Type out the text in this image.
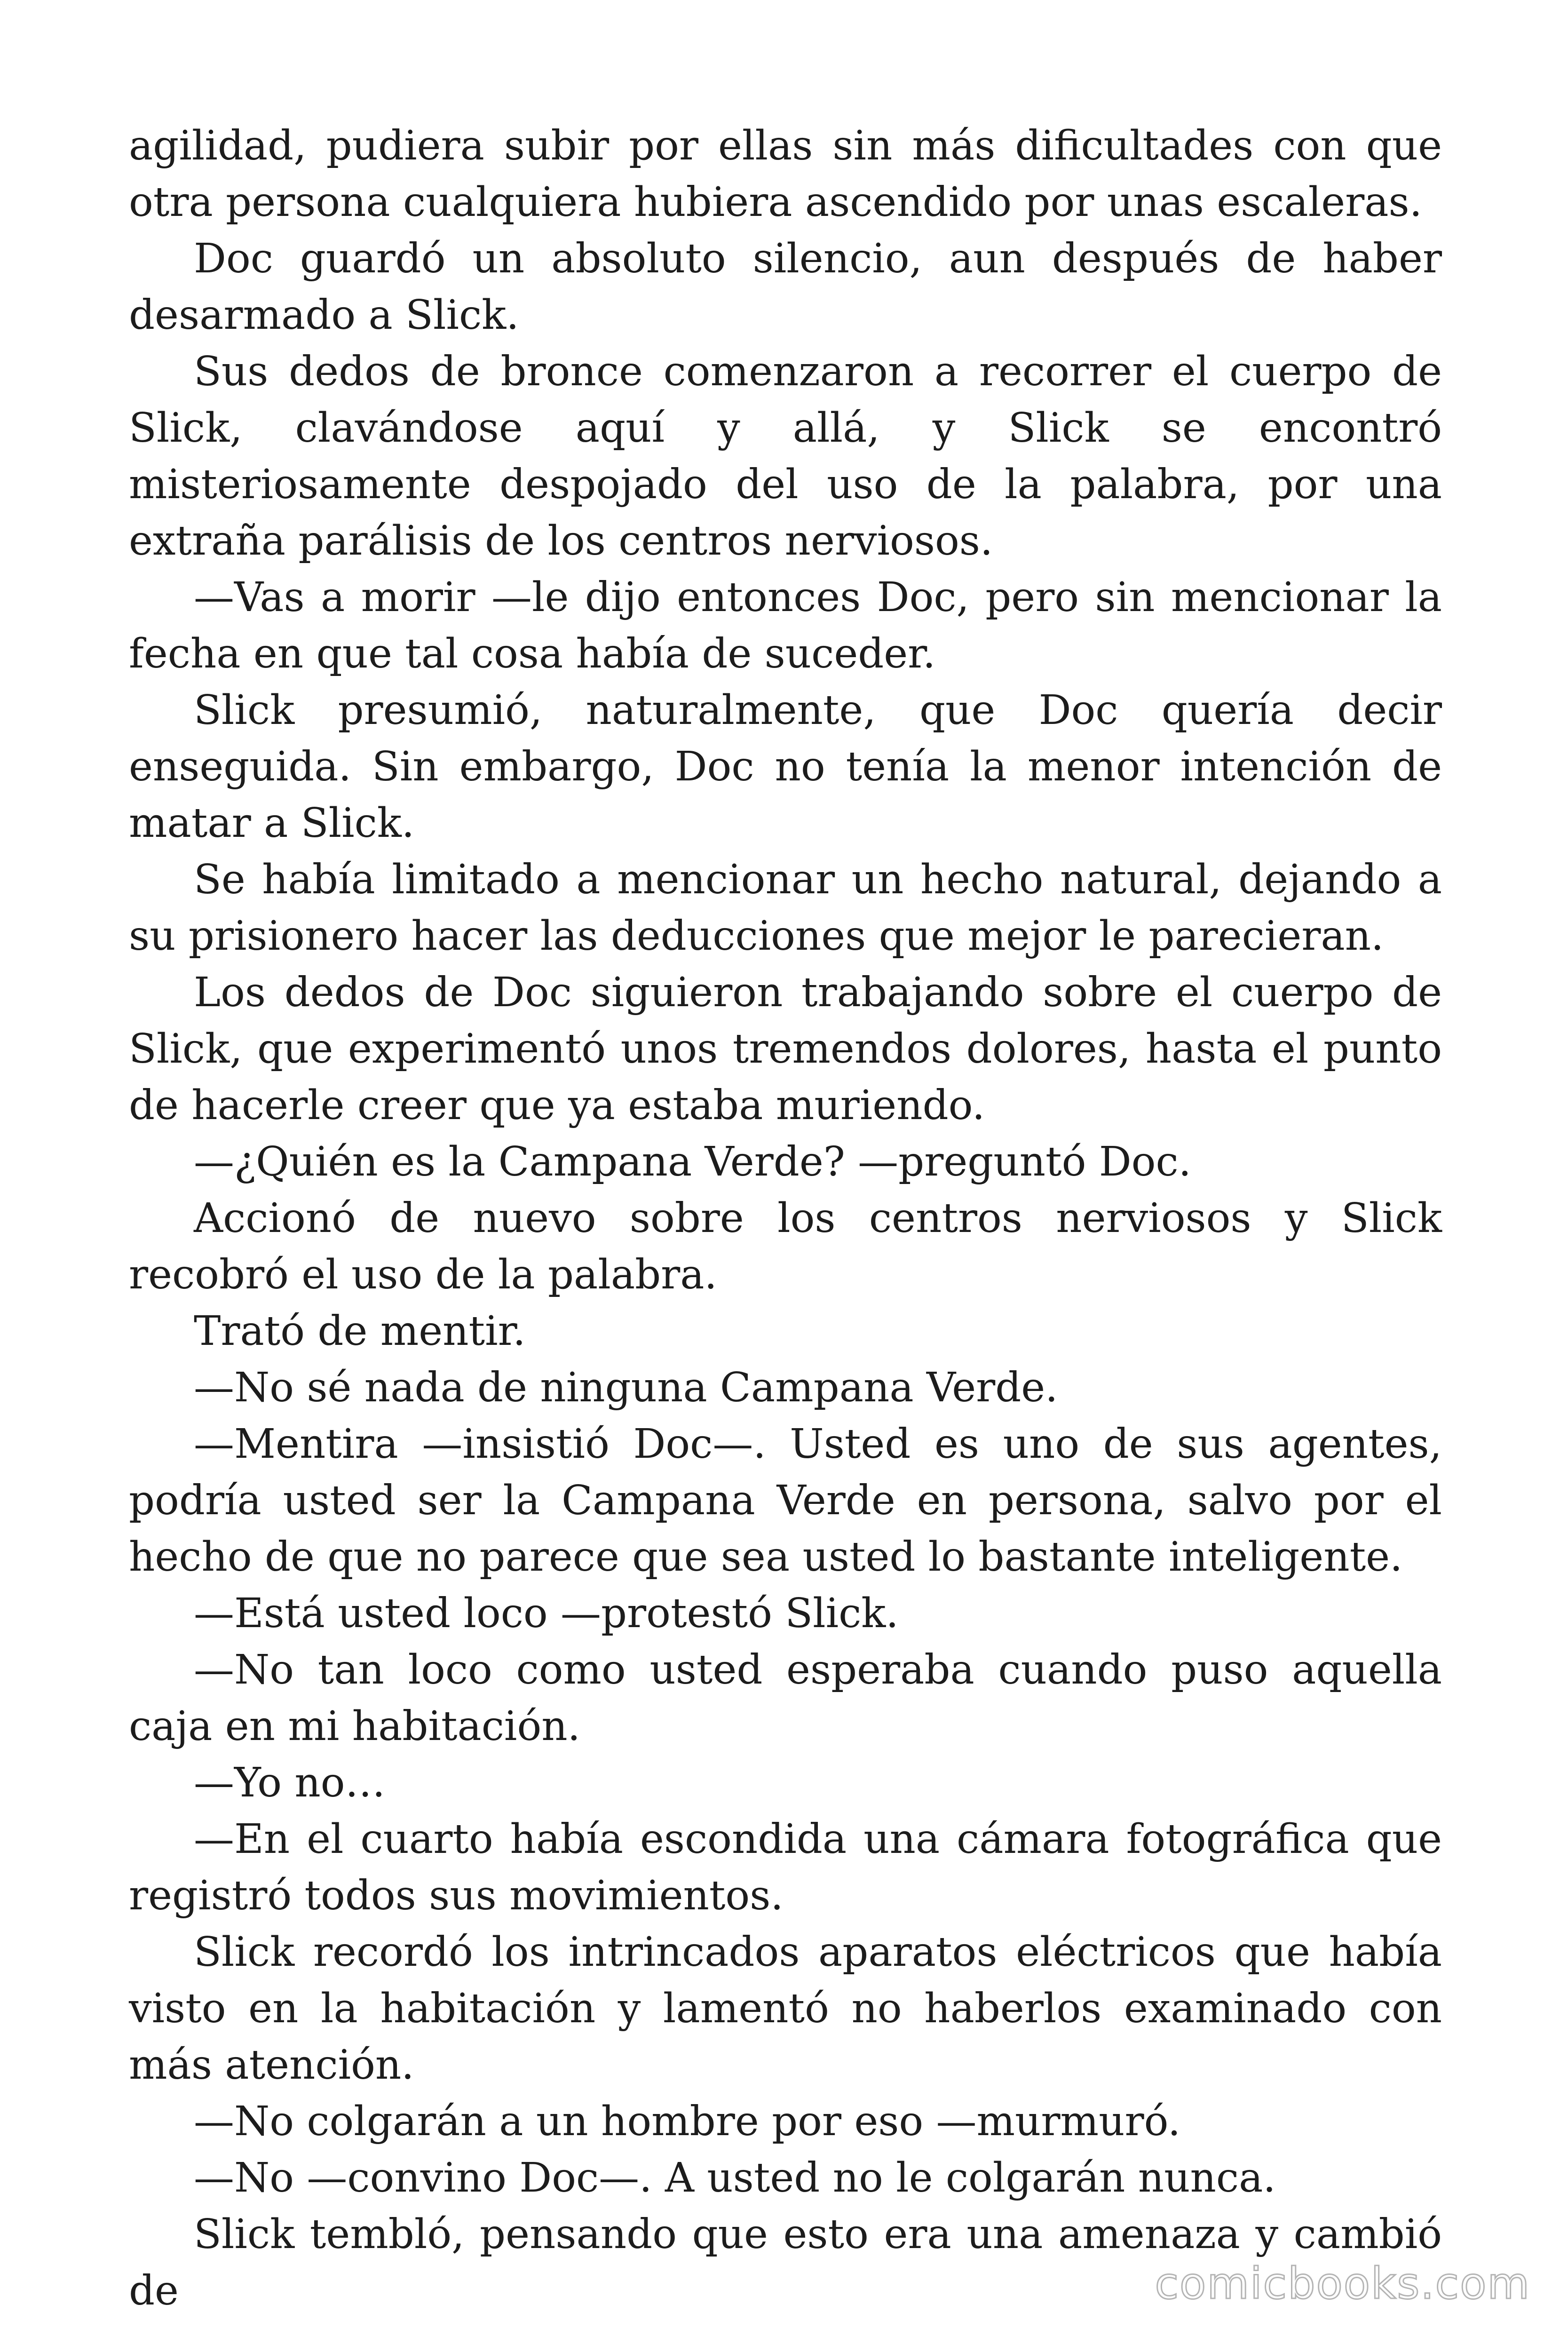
agilidad, pudiera subir por ellas sin más dificultades con que otra persona cualquiera hubiera ascendido por unas escaleras.

Doc guardó un absoluto silencio, aun después de haber desarmado a Slick.

Sus dedos de bronce comenzaron a recorrer el cuerpo de Slick, clavándose aquí y allá, y Slick se encontró misteriosamente despojado del uso de la palabra, por una extraña parálisis de los centros nerviosos.

—Vas a morir —le dijo entonces Doc, pero sin mencionar la fecha en que tal cosa había de suceder.

Slick presumió, naturalmente, que Doc quería decir enseguida. Sin embargo, Doc no tenía la menor intención de matar a Slick.

Se había limitado a mencionar un hecho natural, dejando a su prisionero hacer las deducciones que mejor le parecieran.

Los dedos de Doc siguieron trabajando sobre el cuerpo de Slick, que experimentó unos tremendos dolores, hasta el punto de hacerle creer que ya estaba muriendo.

—¿Quién es la Campana Verde? —preguntó Doc.

Accionó de nuevo sobre los centros nerviosos y Slick recobró el uso de la palabra.

Trató de mentir.

—No sé nada de ninguna Campana Verde.

—Mentira —insistió Doc—. Usted es uno de sus agentes, podría usted ser la Campana Verde en persona, salvo por el hecho de que no parece que sea usted lo bastante inteligente.

—Está usted loco —protestó Slick.

—No tan loco como usted esperaba cuando puso aquella caja en mi habitación.

—Yo no…

—En el cuarto había escondida una cámara fotográfica que registró todos sus movimientos.

Slick recordó los intrincados aparatos eléctricos que había visto en la habitación y lamentó no haberlos examinado con más atención.

—No colgarán a un hombre por eso —murmuró.

—No —convino Doc—. A usted no le colgarán nunca.

Slick tembló, pensando que esto era una amenaza y cambió de	comicbooks.com
